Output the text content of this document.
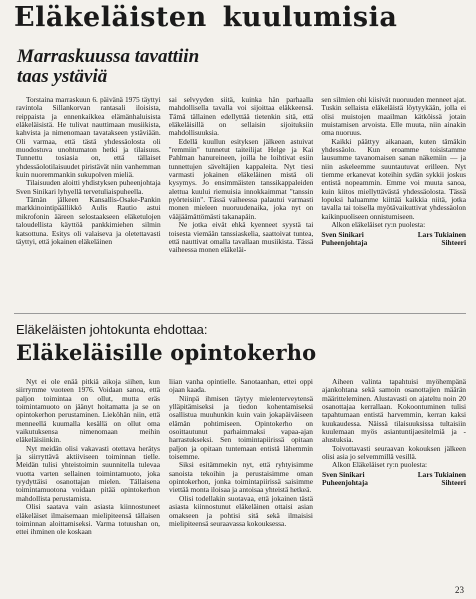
Eläkeläisten kuulumisia
Marraskuussa tavattiin
taas ystäviä

Torstaina marraskuun 6. päivänä 1975 täyttyi ravintola Sillankorvan rantasali iloisista, reippaista ja ennenkaikkea elämänhaluisista eläkeläisistä. He tulivat nauttimaan musiikista, kahvista ja nimenomaan tavatakseen ystäviään. Oli varmaa, että tästä yhdessäolosta oli muodostuva unohtumaton hetki ja tilaisuus. Tunnettu tosiasia on, että tällaiset yhdessäolotilaisuudet piristävät niin vanhemman kuin nuoremmankin sukupolven mieliä.

Tilaisuuden aloitti yhdistyksen puheenjohtaja Sven Sinikari lyhyellä tervetuliaispuheella.

Tämän jälkeen Kansallis-Osake-Pankin markkinointipäällikkö Aulis Rautio astui mikrofonin ääreen selostaakseen eläketulojen taloudellista käyttöä pankkimiehen silmin katsottuna. Esitys oli valaiseva ja oletettavasti täyttyi, että jokainen eläkeläinen

sai selvyyden siitä, kuinka hän parhaalla mahdollisella tavalla voi sijoittaa eläkkeensä. Tämä tällainen edellyttää tietenkin sitä, että eläkeläisillä on sellaisin sijoituksiin mahdollisuuksia.

Edellä kuullun esityksen jälkeen astuivat "remmiin" tunnetut taiteilijat Helge ja Kai Pahlman hanureineen, joilla he loihtivat esiin tunnettujen säveltäjien kappaleita. Nyt tiesi varmasti jokainen eläkeläinen mistä oli kysymys. Jo ensimmäisten tanssikappaleiden alettua kuului riemuisia innokkaimmat "tanssin pyörteisiin". Tässä vaiheessa palautui varmasti monen mieleen nuoruudenaika, joka nyt on vääjäämättömästi takanapäin.

Ne jotka eivät ehkä kyenneet syystä tai toisesta viemään tanssiaskelia, saattoivat tuntea, että nauttivat omalla tavallaan musiikista. Tässä vaiheessa monen eläkeläi-

sen silmien ohi kiisivät nuoruuden menneet ajat. Tuskin sellaista eläkeläistä löytyykään, jolla ei olisi muistojen maailman kätköissä jotain muistamisen arvoista. Elle muuta, niin ainakin oma nuoruus.

Kaikki päättyy aikanaan, kuten tämäkin yhdessäolo. Kun eroamme toisistamme lausumme tavanomaisen sanan näkemiin — ja niin askeleemme suuntautuvat erilleen. Nyt tiemme erkanevat koteihin sydän sykkii joskus entistä nopeammin. Emme voi muuta sanoa, kuin kiitos miellyttävästä yhdessäolosta. Tässä lopuksi haluamme kiittää kaikkia niitä, jotka tavalla tai toisella myötävaikuttivat yhdessäolon kaikinpuoliseen onnistumiseen.

Alkon eläkeläiset ry:n puolesta:

Sven Sinikari
Puheenjohtaja
Lars Tukiainen
Sihteeri
Eläkeläisten johtokunta ehdottaa:
Eläkeläisille opintokerho

Nyt ei ole enää pitkiä aikoja siihen, kun siirrymme vuoteen 1976. Voidaan sanoa, että paljon toimintaa on ollut, mutta eräs toimintamuoto on jäänyt hoitamatta ja se on opintokerhon perustaminen. Lieköhän niin, että menneellä kuumalla kesällä on ollut oma vaikutuksensa nimenomaan meihin eläkeläisiinkin.

Nyt meidän olisi vakavasti otettava herätys ja siirryttävä aktiiviseen toiminnan tielle. Meidän tulisi yhteistoimin suunnitella tulevaa vuotta varten sellainen toimintamuoto, joka tyydyttäisi osanottajan mielen. Tällaisena toimintamuotona voidaan pitää opintokerhon mahdollista perustamista.

Olisi saatava vain asiasta kiinnostuneet eläkeläiset ilmaisemaan mielipiteensä tällaisen toiminnan aloittamiseksi. Varma totuushan on, ettei ihminen ole koskaan

liian vanha opintielle. Sanotaanhan, ettei oppi ojaan kaada.

Niinpä ihmisen täytyy mielenterveytensä ylläpitämiseksi ja tiedon kohentamiseksi osallistua muuhunkin kuin vain jokapäiväiseen elämän pohtimiseen. Opintokerho on osoittautunut parhaimmaksi vapaa-ajan harrastukseksi. Sen toimintapiirissä opitaan paljon ja opitaan tuntemaan entistä lähemmin toisemme.

Siksi esitämmekin nyt, että ryhtyisimme sanoista tekoihin ja perustaisimme oman opintokerhon, jonka toimintapiirissä saisimme viettää monta iloisaa ja antoisaa yhteistä hetkeä.

Olisi todellakin suotavaa, että jokainen tästä asiasta kiinnostunut eläkeläinen ottaisi asian omakseen ja pohtisi sitä sekä ilmaisisi mielipiteensä seuraavassa kokouksessa.

Aiheen valinta tapahtuisi myöhempänä ajankohtana sekä samoin osanottajien määrän määritteleminen. Alustavasti on ajateltu noin 20 osanottajaa kerrallaan. Kokoontuminen tulisi tapahtumaan entistä harvemmin, kerran kaksi kuukaudessa. Näissä tilaisuuksissa tultaisiin kuulemaan myös asiantuntijaesitelmiä ja -alustuksia.

Toivottavasti seuraavan kokouksen jälkeen olisi asia jo selvemmillä vesillä.

Alkon Eläkeläiset ry:n puolesta:

Sven Sinikari
Puheenjohtaja
Lars Tukiainen
Sihteeri
23
